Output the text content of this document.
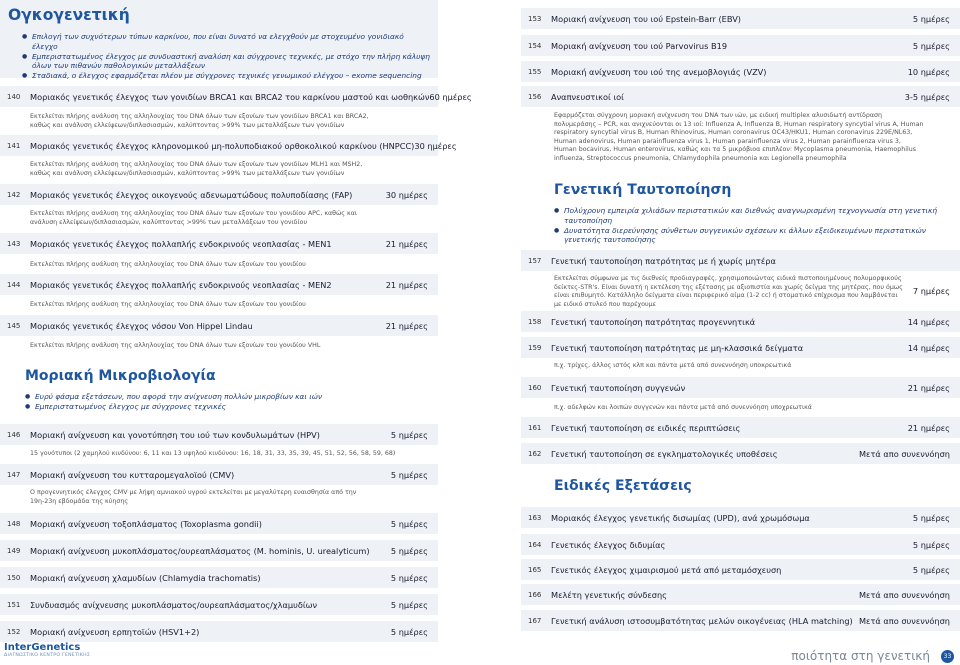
Ογκογενετική
● Επιλογή των συχνότερων τύπων καρκίνου, που είναι δυνατό να ελεγχθούν με στοχευμένο γονιδιακό έλεγχο
● Εμπεριστατωμένος έλεγχος με συνδυαστική αναλύση και σύγχρονες τεχνικές, με στόχο την πλήρη κάλυψη όλων των πιθανών παθολογικών μεταλλάξεων
● Σταδιακά, ο έλεγχος εφαρμόζεται πλέον με σύγχρονες τεχνικές γενωμικού ελέγχου – exome sequencing
140	Μοριακός γενετικός έλεγχος των γονιδίων BRCA1 και BRCA2 του καρκίνου μαστού και ωοθηκών 60 ημέρες
Εκτελείται πλήρης ανάλυση της αλληλουχίας του DNA όλων των εξονίων των γονιδίων BRCA1 και BRCA2, καθώς και ανάλυση ελλείψεων/διπλασιασμών, καλύπτοντας >99% των μεταλλάξεων των γονιδίων
141	Μοριακός γενετικός έλεγχος κληρονομικού μη-πολυποδιακού ορθοκολικού καρκίνου (HNPCC) 30 ημέρες
Εκτελείται πλήρης ανάλυση της αλληλουχίας του DNA όλων των εξονίων των γονιδίων MLH1 και MSH2, καθώς και ανάλυση ελλείψεων/διπλασιασμών, καλύπτοντας >99% των μεταλλάξεων των γονιδίων
142	Μοριακός γενετικός έλεγχος οικογενούς αδενωματώδους πολυποδίασης (FAP)	30 ημέρες
Εκτελείται πλήρης ανάλυση της αλληλουχίας του DNA όλων των εξονίων του γονιδίου APC, καθώς και ανάλυση ελλείψεων/διπλασιασμών, καλύπτοντας >99% των μεταλλάξεων του γονιδίου
143	Μοριακός γενετικός έλεγχος πολλαπλής ενδοκρινούς νεοπλασίας - MEN1	21 ημέρες
Εκτελείται πλήρης ανάλυση της αλληλουχίας του DNA όλων των εξονίων του γονιδίου
144	Μοριακός γενετικός έλεγχος πολλαπλής ενδοκρινούς νεοπλασίας - MEN2	21 ημέρες
Εκτελείται πλήρης ανάλυση της αλληλουχίας του DNA όλων των εξονίων του γονιδίου
145	Μοριακός γενετικός έλεγχος νόσου Von Hippel Lindau	21 ημέρες
Εκτελείται πλήρης ανάλυση της αλληλουχίας του DNA όλων των εξονίων του γονιδίου VHL
Μοριακή Μικροβιολογία
● Ευρύ φάσμα εξετάσεων, που αφορά την ανίχνευση πολλών μικροβίων και ιών
● Εμπεριστατωμένος έλεγχος με σύγχρονες τεχνικές
146	Μοριακή ανίχνευση και γονοτύπηση του ιού των κονδυλωμάτων (HPV)	5 ημέρες
15 γονότυποι (2 χαμηλού κινδύνου: 6, 11 και 13 υψηλού κινδύνου: 16, 18, 31, 33, 35, 39, 45, 51, 52, 56, 58, 59, 68)
147	Μοριακή ανίχνευση του κυτταρομεγαλοϊού (CMV)	5 ημέρες
Ο προγεννητικός έλεγχος CMV με λήψη αμνιακού υγρού εκτελείται με μεγαλύτερη ευαισθησία από την 19η-23η εβδομάδα της κύησης
148	Μοριακή ανίχνευση τοξοπλάσματος (Toxoplasma gondii)	5 ημέρες
149	Μοριακή ανίχνευση μυκοπλάσματος/ουρεαπλάσματος (M. hominis, U. urealyticum)	5 ημέρες
150	Μοριακή ανίχνευση χλαμυδίων (Chlamydia trachomatis)	5 ημέρες
151	Συνδυασμός ανίχνευσης μυκοπλάσματος/ουρεαπλάσματος/χλαμυδίων	5 ημέρες
152	Μοριακή ανίχνευση ερπητοϊών (HSV1+2)	5 ημέρες
153	Μοριακή ανίχνευση του ιού Epstein-Barr (EBV)	5 ημέρες
154	Μοριακή ανίχνευση του ιού Parvovirus B19	5 ημέρες
155	Μοριακή ανίχνευση του ιού της ανεμοβλογιάς (VZV)	10 ημέρες
156	Αναπνευστικοί ιοί	3-5 ημέρες
Εφαρμόζεται σύγχρονη μοριακή ανίχνευση του DNA των ιών, με ειδική multiplex αλυσιδωτή αντίδραση πολυμεράσης – PCR, και ανιχνεύονται οι 13 ιοί: Influenza A, Influenza B, Human respiratory syncytial virus A, Human respiratory syncytial virus B, Human Rhinovirus, Human coronavirus OC43/HKU1, Human coronavirus 229E/NL63, Human adenovirus, Human parainfluenza virus 1, Human parainfluenza virus 2, Human parainfluenza virus 3, Human bocavirus, Human enterovirus, καθώς και τα 5 μικρόβιοα επιπλέον: Mycoplasma pneumonia, Haemophilus influenza, Streptococcus pneumonia, Chlamydophila pneumonia και Legionella pneumophila
Γενετική Ταυτοποίηση
● Πολύχρονη εμπειρία χιλιάδων περιστατικών και διεθνώς αναγνωρισμένη τεχνογνωσία στη γενετική ταυτοποίηση
● Δυνατότητα διερεύνησης σύνθετων συγγενικών σχέσεων κι άλλων εξειδικευμένων περιστατικών γενετικής ταυτοποίησης
157	Γενετική ταυτοποίηση πατρότητας με ή χωρίς μητέρα
Εκτελείται σύμφωνα με τις διεθνείς προδιαγραφές, χρησιμοποιώντας ειδικά πιστοποιημένους πολυμορφικούς δείκτες-STR's. Είναι δυνατή η εκτέλεση της εξέτασης με αξιοπιστία και χωρίς δείγμα της μητέρας, που όμως είναι επιθυμητό. Κατάλληλο δείγματα είναι περιφερικό αίμα (1-2 cc) ή στοματικό επίχρισμα που λαμβάνεται με ειδικό στυλεό που παρέχουμε
7 ημέρες
158	Γενετική ταυτοποίηση πατρότητας προγεννητικά	14 ημέρες
159	Γενετική ταυτοποίηση πατρότητας με μη-κλασσικά δείγματα	14 ημέρες
π.χ. τρίχες, άλλος ιστός κλπ και πάντα μετά από συνεννόηση υποκρεωτικά
160	Γενετική ταυτοποίηση συγγενών	21 ημέρες
π.χ. αδελφών και λοιπών συγγενών και πάντα μετά από συνεννόηση υποχρεωτικά
161	Γενετική ταυτοποίηση σε ειδικές περιπτώσεις	21 ημέρες
162	Γενετική ταυτοποίηση σε εγκληματολογικές υποθέσεις	Μετά απο συνεννόηση
Ειδικές Εξετάσεις
163	Μοριακός έλεγχος γενετικής δισωμίας (UPD), ανά χρωμόσωμα	5 ημέρες
164	Γενετικός έλεγχος διδυμίας	5 ημέρες
165	Γενετικός έλεγχος χιμαιρισμού μετά από μεταμόσχευση	5 ημέρες
166	Μελέτη γενετικής σύνδεσης	Μετά απο συνεννόηση
167	Γενετική ανάλυση ιστοσυμβατότητας μελών οικογένειας (HLA matching) Μετά απο συνεννόηση
InterGenetics
ΔΙΑΓΝΩΣΤΙΚΟ ΚΕΝΤΡΟ ΓΕΝΕΤΙΚΗΣ	ποιότητα στη γενετική	33
